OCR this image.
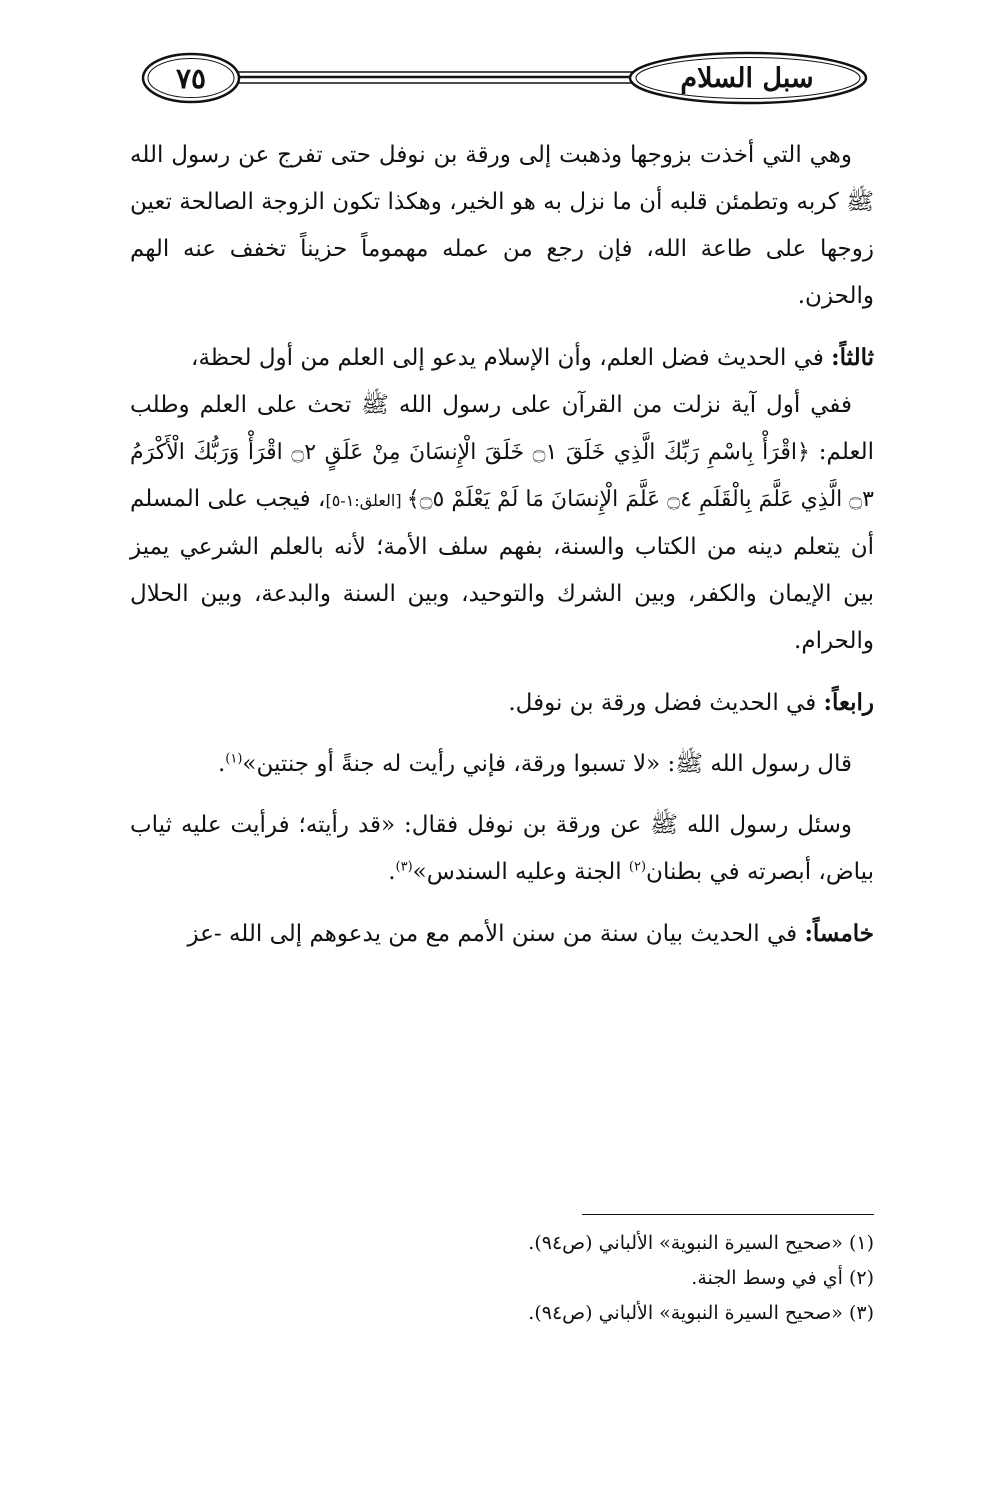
٧٥	سبل السلام

وهي التي أخذت بزوجها وذهبت إلى ورقة بن نوفل حتى تفرج عن رسول الله ﷺ كربه وتطمئن قلبه أن ما نزل به هو الخير، وهكذا تكون الزوجة الصالحة تعين زوجها على طاعة الله، فإن رجع من عمله مهموماً حزيناً تخفف عنه الهم والحزن.

ثالثاً: في الحديث فضل العلم، وأن الإسلام يدعو إلى العلم من أول لحظة،

ففي أول آية نزلت من القرآن على رسول الله ﷺ تحث على العلم وطلب العلم: ﴿اقْرَأْ بِاسْمِ رَبِّكَ الَّذِي خَلَقَ ۝١ خَلَقَ الْإِنسَانَ مِنْ عَلَقٍ ۝٢ اقْرَأْ وَرَبُّكَ الْأَكْرَمُ ۝٣ الَّذِي عَلَّمَ بِالْقَلَمِ ۝٤ عَلَّمَ الْإِنسَانَ مَا لَمْ يَعْلَمْ ۝٥﴾ [العلق:١-٥]، فيجب على المسلم أن يتعلم دينه من الكتاب والسنة، بفهم سلف الأمة؛ لأنه بالعلم الشرعي يميز بين الإيمان والكفر، وبين الشرك والتوحيد، وبين السنة والبدعة، وبين الحلال والحرام.

رابعاً: في الحديث فضل ورقة بن نوفل.

قال رسول الله ﷺ: «لا تسبوا ورقة، فإني رأيت له جنةً أو جنتين»$^{(١)}$.

وسئل رسول الله ﷺ عن ورقة بن نوفل فقال: «قد رأيته؛ فرأيت عليه ثياب بياض، أبصرته في بطنان$^{(٢)}$ الجنة وعليه السندس»$^{(٣)}$.

خامساً: في الحديث بيان سنة من سنن الأمم مع من يدعوهم إلى الله -عز

(١) «صحيح السيرة النبوية» الألباني (ص٩٤).

(٢) أي في وسط الجنة.

(٣) «صحيح السيرة النبوية» الألباني (ص٩٤).
